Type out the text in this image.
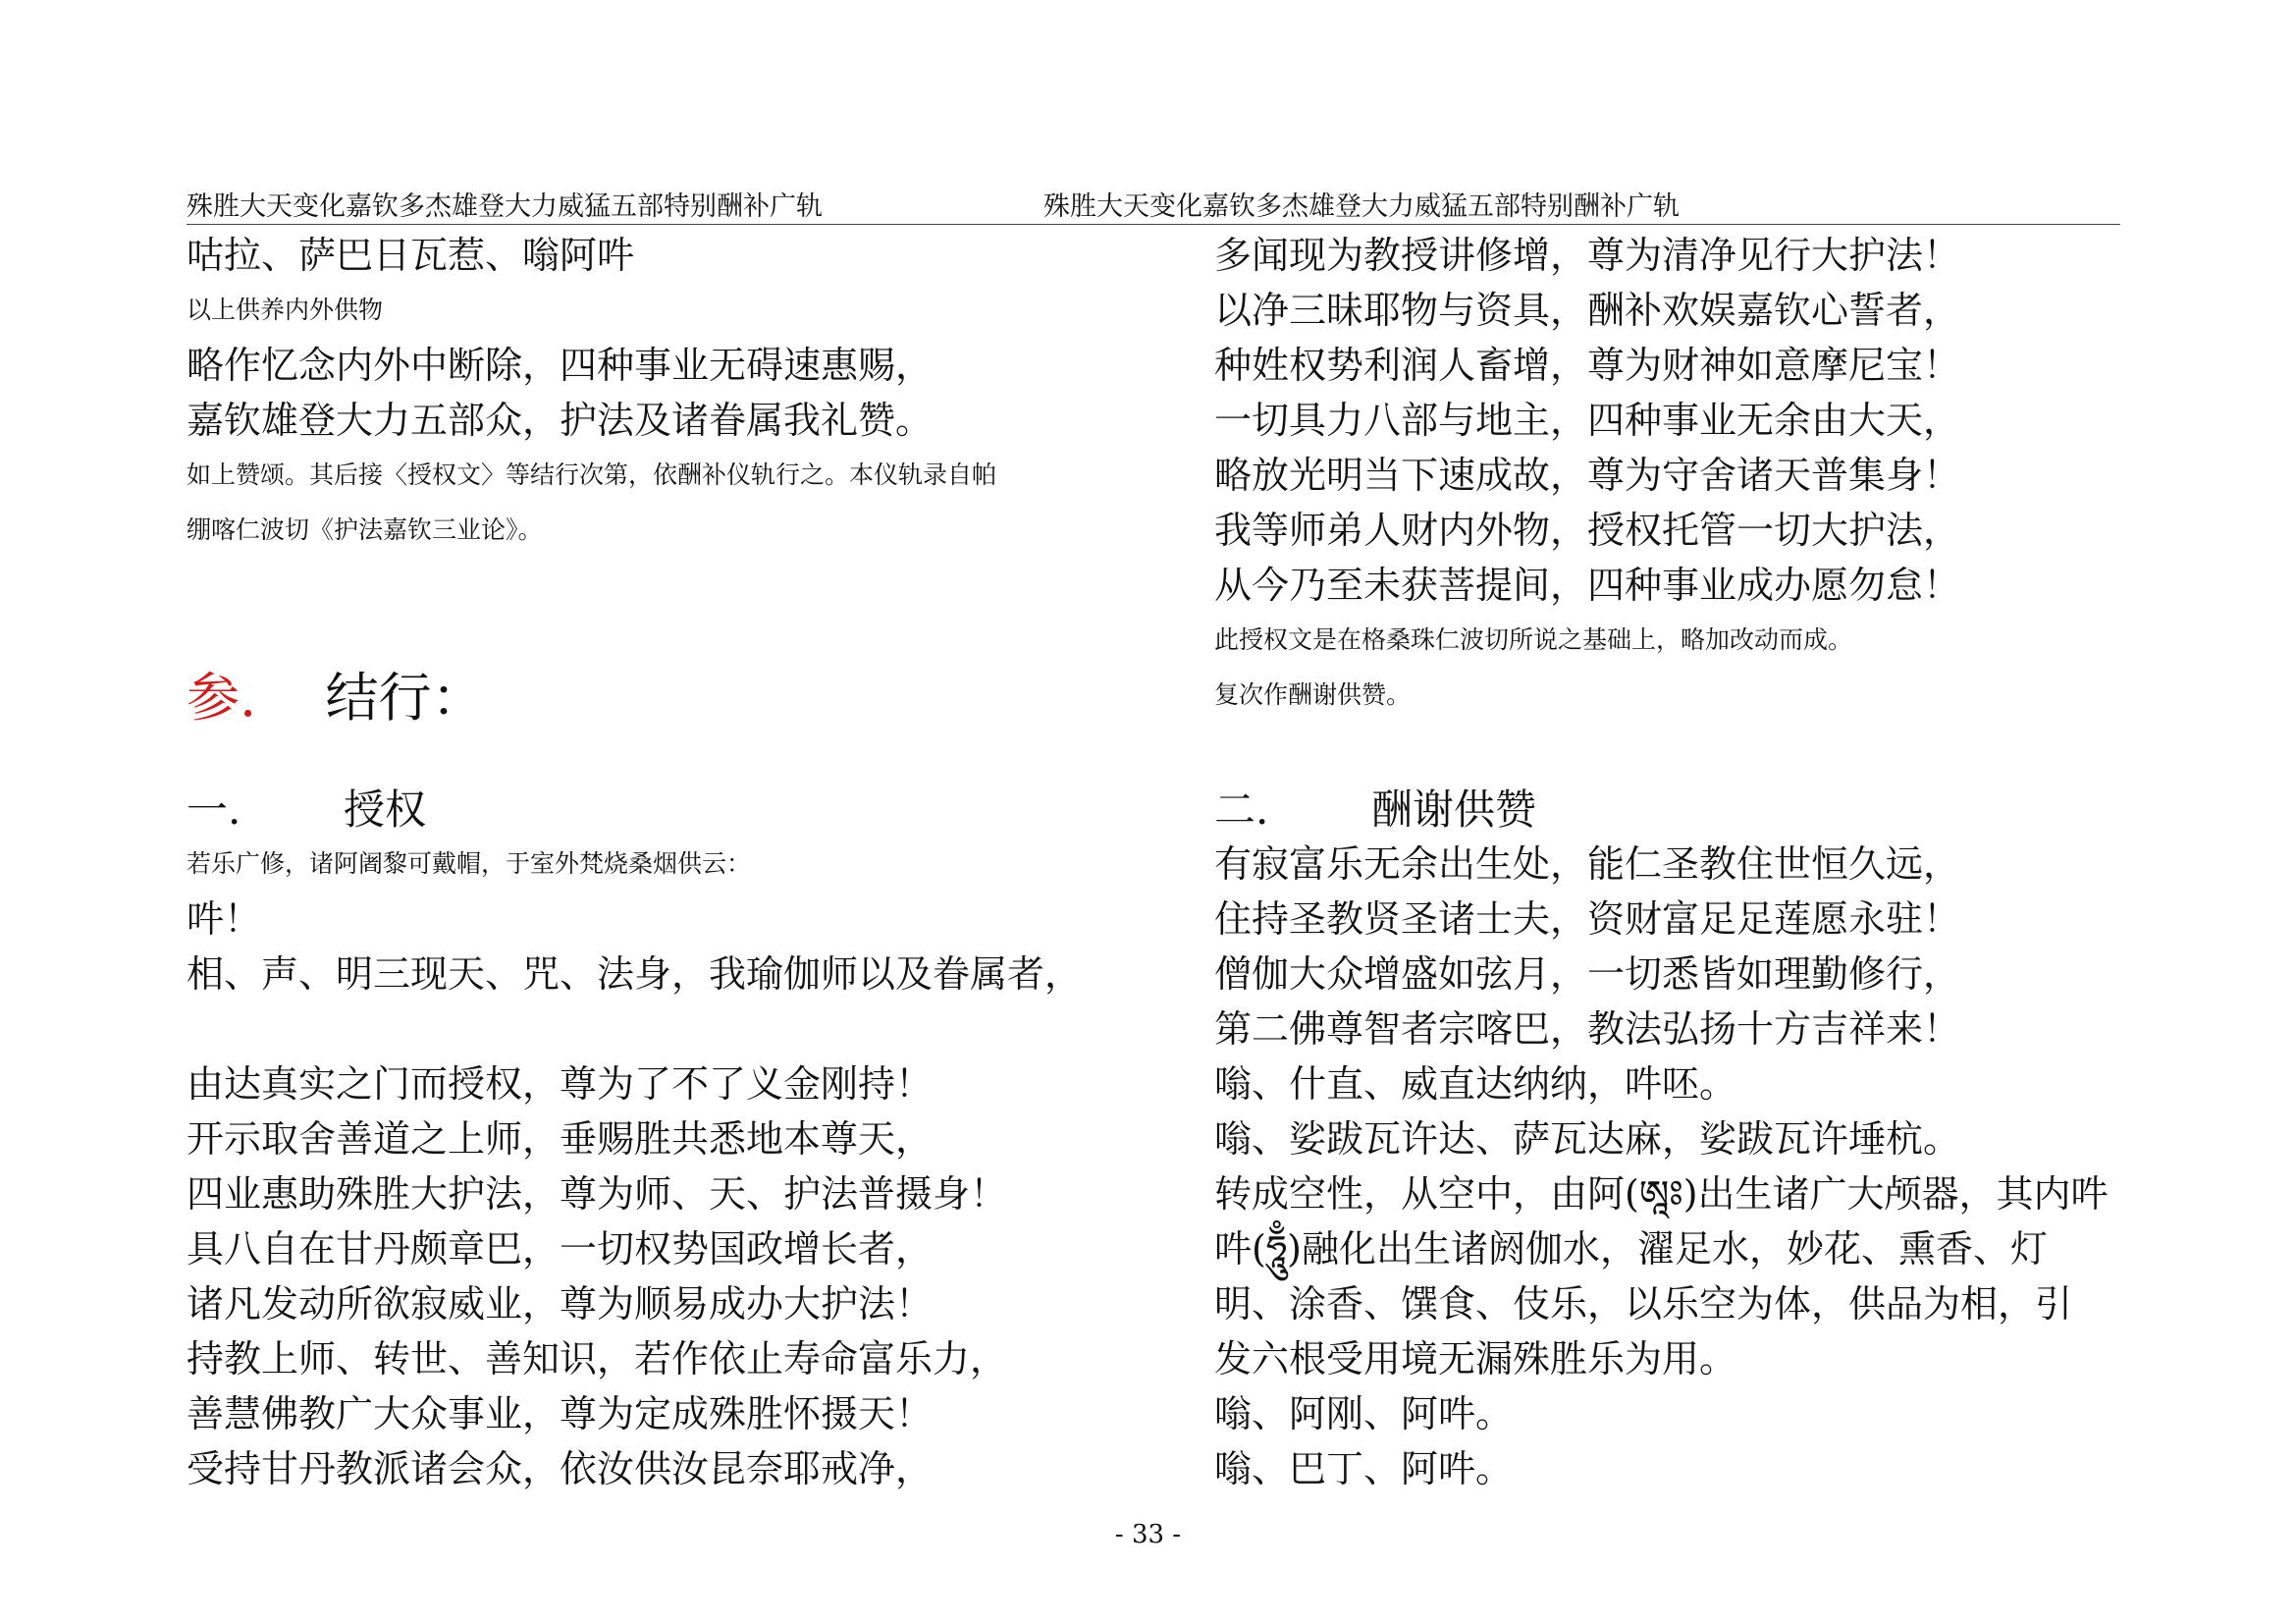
殊胜大天变化嘉钦多杰雄登大力威猛五部特别酬补广轨	殊胜大天变化嘉钦多杰雄登大力威猛五部特别酬补广轨
咕拉、萨巴日瓦惹、嗡阿吽
以上供养内外供物
略作忆念内外中断除，四种事业无碍速惠赐，
嘉钦雄登大力五部众，护法及诸眷属我礼赞。
如上赞颂。其后接〈授权文〉等结行次第，依酬补仪轨行之。本仪轨录自帕
绷喀仁波切《护法嘉钦三业论》。
参. 结行：
一. 授权
若乐广修，诸阿阇黎可戴帽，于室外梵烧桑烟供云：
吽！
相、声、明三现天、咒、法身，我瑜伽师以及眷属者，
由达真实之门而授权，尊为了不了义金刚持！
开示取舍善道之上师，垂赐胜共悉地本尊天，
四业惠助殊胜大护法，尊为师、天、护法普摄身！
具八自在甘丹颇章巴，一切权势国政增长者，
诸凡发动所欲寂威业，尊为顺易成办大护法！
持教上师、转世、善知识，若作依止寿命富乐力，
善慧佛教广大众事业，尊为定成殊胜怀摄天！
受持甘丹教派诸会众，依汝供汝昆奈耶戒净，
多闻现为教授讲修增，尊为清净见行大护法！
以净三昧耶物与资具，酬补欢娱嘉钦心誓者，
种姓权势利润人畜增，尊为财神如意摩尼宝！
一切具力八部与地主，四种事业无余由大天，
略放光明当下速成故，尊为守舍诸天普集身！
我等师弟人财内外物，授权托管一切大护法，
从今乃至未获菩提间，四种事业成办愿勿怠！
此授权文是在格桑珠仁波切所说之基础上，略加改动而成。
复次作酬谢供赞。
二. 酬谢供赞
有寂富乐无余出生处，能仁圣教住世恒久远，
住持圣教贤圣诸士夫，资财富足足莲愿永驻！
僧伽大众增盛如弦月，一切悉皆如理勤修行，
第二佛尊智者宗喀巴，教法弘扬十方吉祥来！
嗡、什直、威直达纳纳，吽呸。
嗡、娑跋瓦许达、萨瓦达麻，娑跋瓦许埵杭。
转成空性，从空中，由阿(ཨཱཿ)出生诸广大颅器，其内吽
吽(ཧཱུྃ)融化出生诸阏伽水，濯足水，妙花、熏香、灯
明、涂香、馔食、伎乐，以乐空为体，供品为相，引
发六根受用境无漏殊胜乐为用。
嗡、阿刚、阿吽。
嗡、巴丁、阿吽。
- 33 -
